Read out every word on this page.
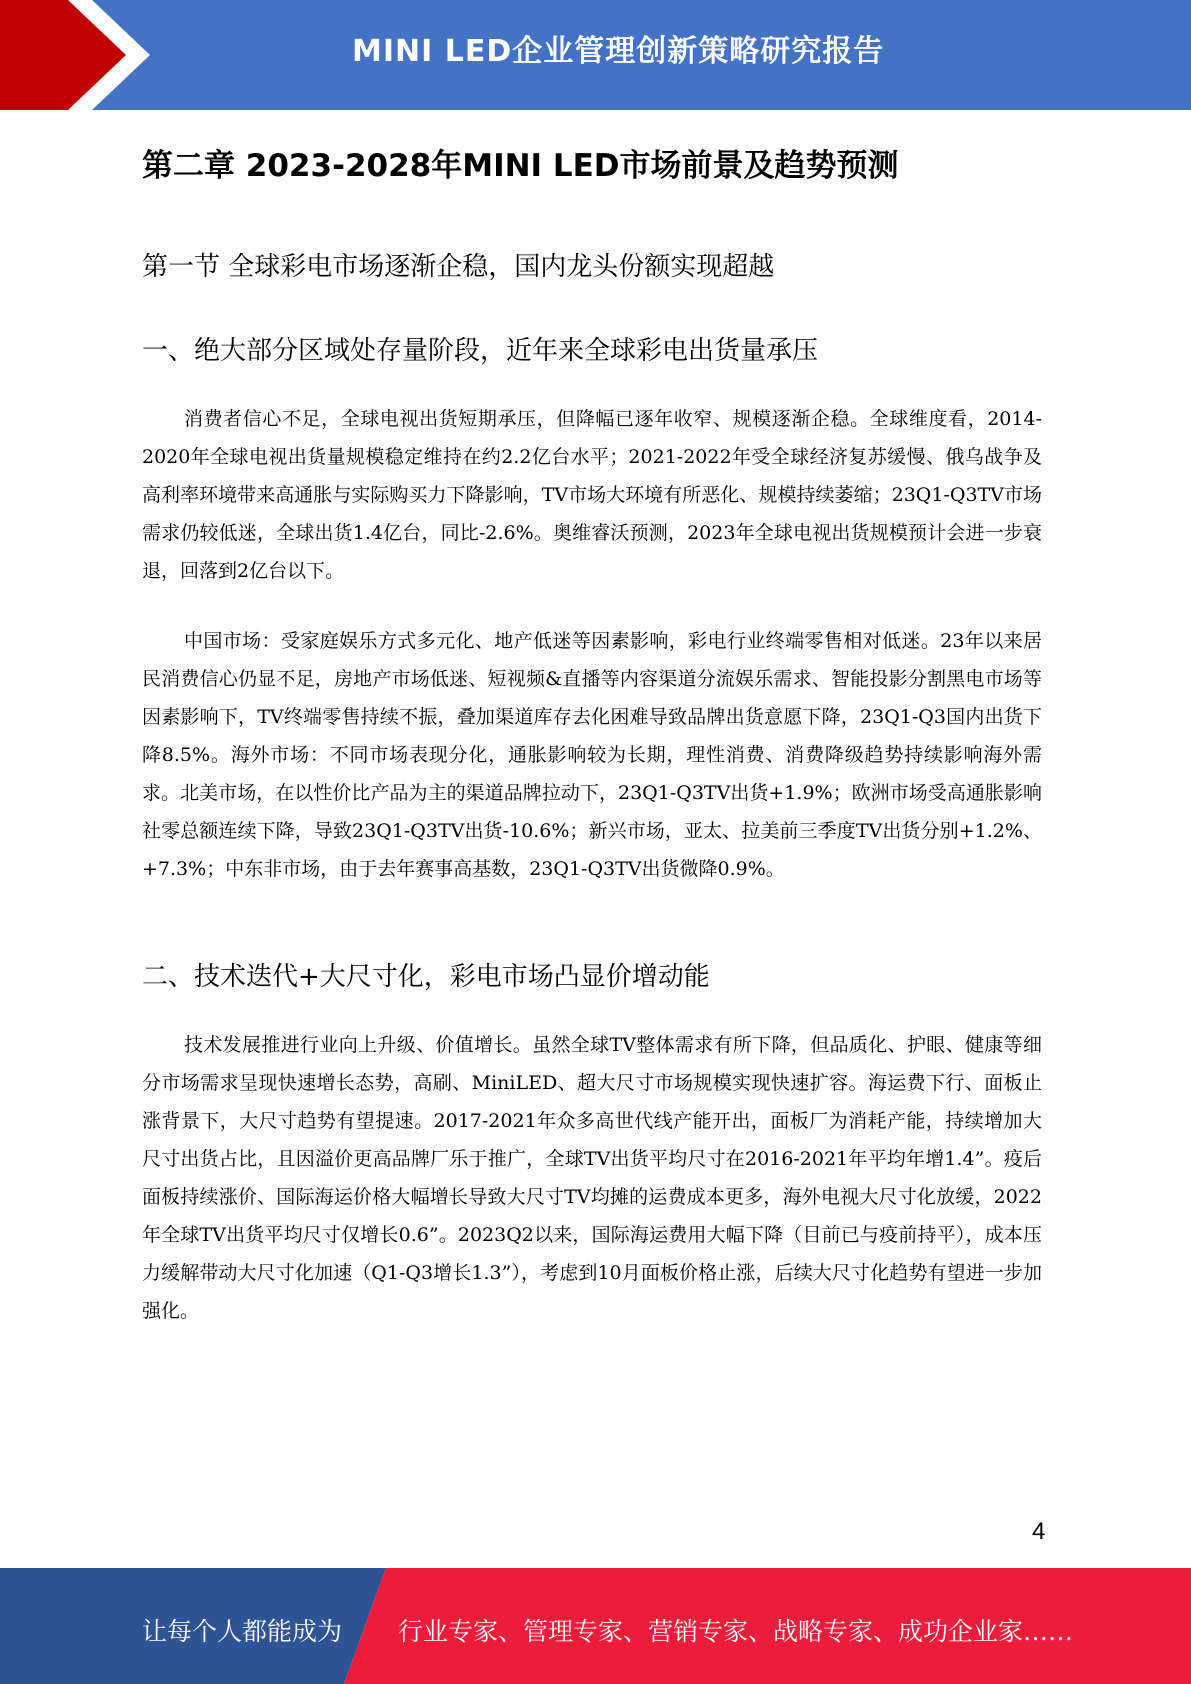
MINI LED企业管理创新策略研究报告
第二章 2023-2028年MINI LED市场前景及趋势预测
第一节 全球彩电市场逐渐企稳，国内龙头份额实现超越
一、绝大部分区域处存量阶段，近年来全球彩电出货量承压

消费者信心不足，全球电视出货短期承压，但降幅已逐年收窄、规模逐渐企稳。全球维度看，2014-2020年全球电视出货量规模稳定维持在约2.2亿台水平；2021-2022年受全球经济复苏缓慢、俄乌战争及高利率环境带来高通胀与实际购买力下降影响，TV市场大环境有所恶化、规模持续萎缩；23Q1-Q3TV市场需求仍较低迷，全球出货1.4亿台，同比-2.6%。奥维睿沃预测，2023年全球电视出货规模预计会进一步衰退，回落到2亿台以下。

中国市场：受家庭娱乐方式多元化、地产低迷等因素影响，彩电行业终端零售相对低迷。23年以来居民消费信心仍显不足，房地产市场低迷、短视频&直播等内容渠道分流娱乐需求、智能投影分割黑电市场等因素影响下，TV终端零售持续不振，叠加渠道库存去化困难导致品牌出货意愿下降，23Q1-Q3国内出货下降8.5%。海外市场：不同市场表现分化，通胀影响较为长期，理性消费、消费降级趋势持续影响海外需求。北美市场，在以性价比产品为主的渠道品牌拉动下，23Q1-Q3TV出货+1.9%；欧洲市场受高通胀影响社零总额连续下降，导致23Q1-Q3TV出货-10.6%；新兴市场，亚太、拉美前三季度TV出货分别+1.2%、+7.3%；中东非市场，由于去年赛事高基数，23Q1-Q3TV出货微降0.9%。

二、技术迭代+大尺寸化，彩电市场凸显价增动能

技术发展推进行业向上升级、价值增长。虽然全球TV整体需求有所下降，但品质化、护眼、健康等细分市场需求呈现快速增长态势，高刷、MiniLED、超大尺寸市场规模实现快速扩容。海运费下行、面板止涨背景下，大尺寸趋势有望提速。2017-2021年众多高世代线产能开出，面板厂为消耗产能，持续增加大尺寸出货占比，且因溢价更高品牌厂乐于推广，全球TV出货平均尺寸在2016-2021年平均年增1.4”。疫后面板持续涨价、国际海运价格大幅增长导致大尺寸TV均摊的运费成本更多，海外电视大尺寸化放缓，2022年全球TV出货平均尺寸仅增长0.6”。2023Q2以来，国际海运费用大幅下降（目前已与疫前持平），成本压力缓解带动大尺寸化加速（Q1-Q3增长1.3”），考虑到10月面板价格止涨，后续大尺寸化趋势有望进一步加强化。

4
让每个人都能成为 行业专家、管理专家、营销专家、战略专家、成功企业家……
